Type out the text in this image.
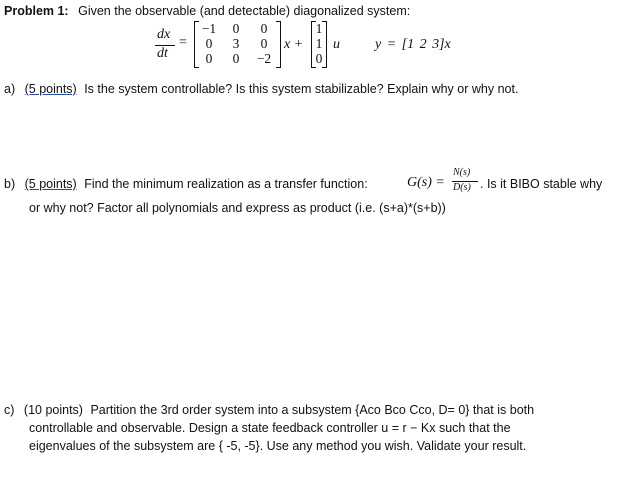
Problem 1: Given the observable (and detectable) diagonalized system:
dx
dt
=
−1	0	0
0	3	0
0	0	−2
x +
1
1
0
u	y = [1 2 3]x
a) (5 points) Is the system controllable? Is this system stabilizable? Explain why or why not.
b) (5 points) Find the minimum realization as a transfer function:	G(s) =
N(s)
D(s) . Is it BIBO stable why
or why not? Factor all polynomials and express as product (i.e. (s+a)*(s+b))
c) (10 points) Partition the 3rd order system into a subsystem {Aco Bco Cco, D= 0} that is both
controllable and observable. Design a state feedback controller u = r − Kx such that the
eigenvalues of the subsystem are { -5, -5}. Use any method you wish. Validate your result.
